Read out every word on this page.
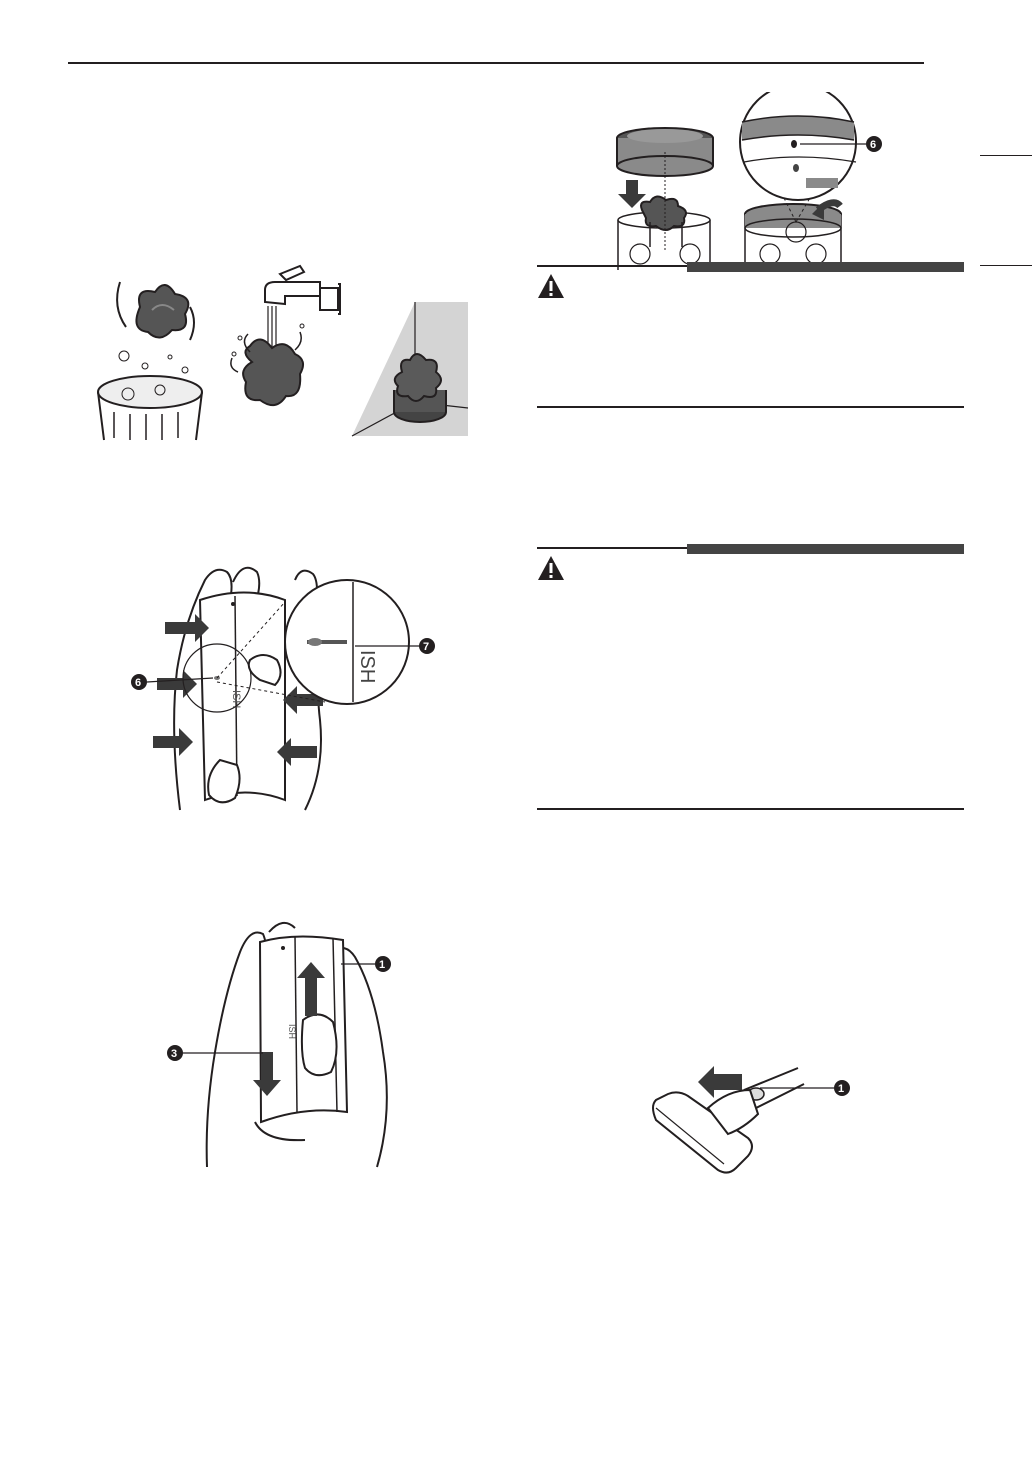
ISH
ISH
7
6
ISH
1
3
6
1
